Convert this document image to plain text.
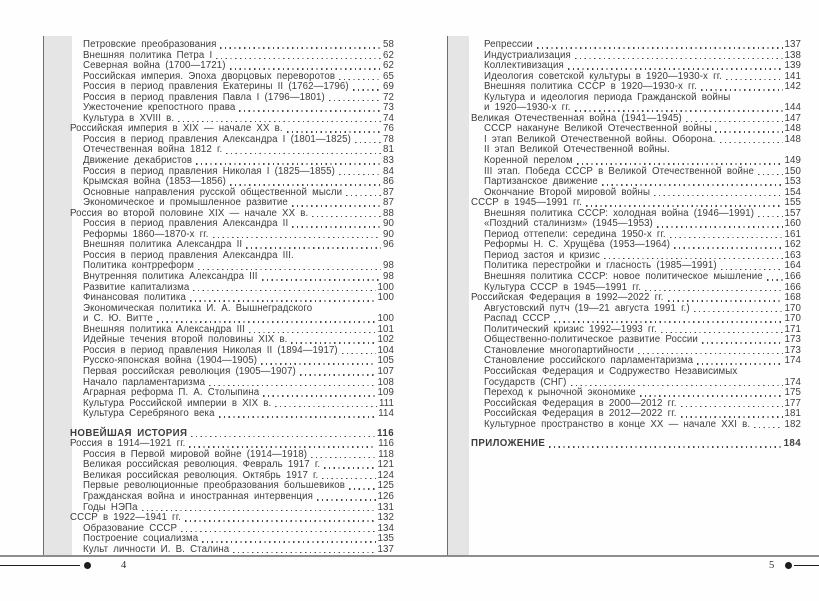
Петровские преобразования	58
Внешняя политика Петра I	62
Северная война (1700—1721)	62
Российская империя. Эпоха дворцовых переворотов	65
Россия в период правления Екатерины II (1762—1796)	69
Россия в период правления Павла I (1796—1801)	72
Ужесточение крепостного права	73
Культура в XVIII в.	74
Российская империя в XIX — начале XX в.	76
Россия в период правления Александра I (1801—1825)	78
Отечественная война 1812 г.	81
Движение декабристов	83
Россия в период правления Николая I (1825—1855)	84
Крымская война (1853—1856)	86
Основные направления русской общественной мысли	87
Экономическое и промышленное развитие	87
Россия во второй половине XIX — начале XX в.	88
Россия в период правления Александра II	90
Реформы 1860—1870-х гг.	90
Внешняя политика Александра II	96
Россия в период правления Александра III.
Политика контрреформ	98
Внутренняя политика Александра III	98
Развитие капитализма	100
Финансовая политика	100
Экономическая политика И. А. Вышнеградского
и С. Ю. Витте	100
Внешняя политика Александра III	101
Идейные течения второй половины XIX в.	102
Россия в период правления Николая II (1894—1917)	104
Русско-японская война (1904—1905)	105
Первая российская революция (1905—1907)	107
Начало парламентаризма	108
Аграрная реформа П. А. Столыпина	109
Культура Российской империи в XIX в.	111
Культура Серебряного века	114
НОВЕЙШАЯ ИСТОРИЯ	116
Россия в 1914—1921 гг.	116
Россия в Первой мировой войне (1914—1918)	118
Великая российская революция. Февраль 1917 г.	121
Великая российская революция. Октябрь 1917 г.	124
Первые революционные преобразования большевиков	125
Гражданская война и иностранная интервенция	126
Годы НЭПа	131
СССР в 1922—1941 гг.	132
Образование СССР	134
Построение социализма	135
Культ личности И. В. Сталина	137
Репрессии	137
Индустриализация	138
Коллективизация	139
Идеология советской культуры в 1920—1930-х гг.	141
Внешняя политика СССР в 1920—1930-х гг.	142
Культура и идеология периода Гражданской войны
и 1920—1930-х гг.	144
Великая Отечественная война (1941—1945)	147
СССР накануне Великой Отечественной войны	148
I этап Великой Отечественной войны. Оборона.	148
II этап Великой Отечественной войны.
Коренной перелом	149
III этап. Победа СССР в Великой Отечественной войне	150
Партизанское движение	153
Окончание Второй мировой войны	154
СССР в 1945—1991 гг.	155
Внешняя политика СССР: холодная война (1946—1991)	157
«Поздний сталинизм» (1945—1953)	160
Период оттепели: середина 1950-х гг.	161
Реформы Н. С. Хрущёва (1953—1964)	162
Период застоя и кризис	163
Политика перестройки и гласность (1985—1991)	164
Внешняя политика СССР: новое политическое мышление 166
Культура СССР в 1945—1991 гг.	166
Российская Федерация в 1992—2022 гг.	168
Августовский путч (19—21 августа 1991 г.)	170
Распад СССР	170
Политический кризис 1992—1993 гг.	171
Общественно-политическое развитие России	173
Становление многопартийности	173
Становление российского парламентаризма	174
Российская Федерация и Содружество Независимых
Государств (СНГ)	174
Переход к рыночной экономике	175
Российская Федерация в 2000—2012 гг.	177
Российская Федерация в 2012—2022 гг.	181
Культурное пространство в конце XX — начале XXI в.	182
ПРИЛОЖЕНИЕ	184
4	5
